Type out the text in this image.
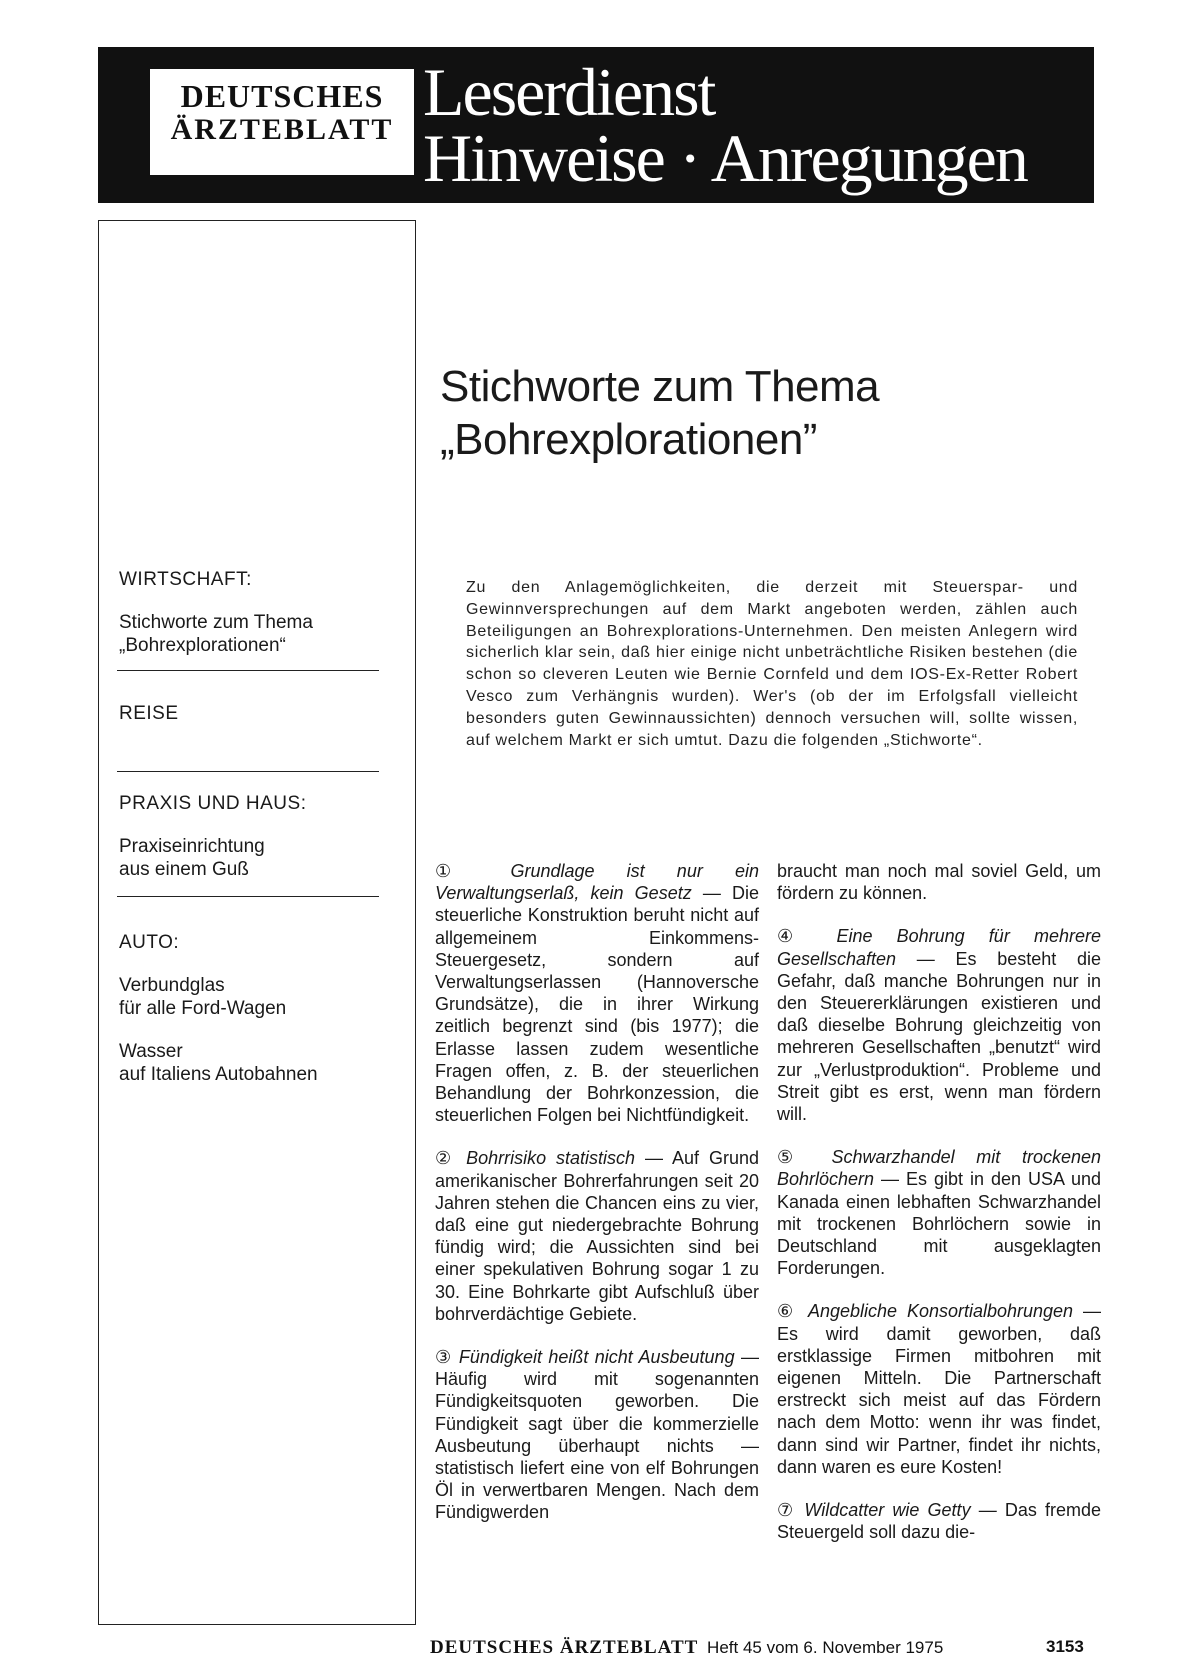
DEUTSCHES
ÄRZTEBLATT Leserdienst
Hinweise · Anregungen
WIRTSCHAFT:
Stichworte zum Thema
„Bohrexplorationen“
REISE
PRAXIS UND HAUS:
Praxiseinrichtung
aus einem Guß
AUTO:
Verbundglas
für alle Ford-Wagen
Wasser
auf Italiens Autobahnen
Stichworte zum Thema
„Bohrexplorationen”
Zu den Anlagemöglichkeiten, die derzeit mit Steuerspar- und Gewinnversprechungen auf dem Markt angeboten werden, zählen auch Beteiligungen an Bohrexplorations-Unternehmen. Den meisten Anlegern wird sicherlich klar sein, daß hier einige nicht unbeträchtliche Risiken bestehen (die schon so cleveren Leuten wie Bernie Cornfeld und dem IOS-Ex-Retter Robert Vesco zum Verhängnis wurden). Wer's (ob der im Erfolgsfall vielleicht besonders guten Gewinnaussichten) dennoch versuchen will, sollte wissen, auf welchem Markt er sich umtut. Dazu die folgenden „Stichworte“.

① Grundlage ist nur ein Verwaltungserlaß, kein Gesetz — Die steuerliche Konstruktion beruht nicht auf allgemeinem Einkommens-Steuergesetz, sondern auf Verwaltungserlassen (Hannoversche Grundsätze), die in ihrer Wirkung zeitlich begrenzt sind (bis 1977); die Erlasse lassen zudem wesentliche Fragen offen, z. B. der steuerlichen Behandlung der Bohrkonzession, die steuerlichen Folgen bei Nichtfündigkeit.

② Bohrrisiko statistisch — Auf Grund amerikanischer Bohrerfahrungen seit 20 Jahren stehen die Chancen eins zu vier, daß eine gut niedergebrachte Bohrung fündig wird; die Aussichten sind bei einer spekulativen Bohrung sogar 1 zu 30. Eine Bohrkarte gibt Aufschluß über bohrverdächtige Gebiete.

③ Fündigkeit heißt nicht Ausbeutung — Häufig wird mit sogenannten Fündigkeitsquoten geworben. Die Fündigkeit sagt über die kommerzielle Ausbeutung überhaupt nichts — statistisch liefert eine von elf Bohrungen Öl in verwertbaren Mengen. Nach dem Fündigwerden

braucht man noch mal soviel Geld, um fördern zu können.

④ Eine Bohrung für mehrere Gesellschaften — Es besteht die Gefahr, daß manche Bohrungen nur in den Steuererklärungen existieren und daß dieselbe Bohrung gleichzeitig von mehreren Gesellschaften „benutzt“ wird zur „Verlustproduktion“. Probleme und Streit gibt es erst, wenn man fördern will.

⑤ Schwarzhandel mit trockenen Bohrlöchern — Es gibt in den USA und Kanada einen lebhaften Schwarzhandel mit trockenen Bohrlöchern sowie in Deutschland mit ausgeklagten Forderungen.

⑥ Angebliche Konsortialbohrungen — Es wird damit geworben, daß erstklassige Firmen mitbohren mit eigenen Mitteln. Die Partnerschaft erstreckt sich meist auf das Fördern nach dem Motto: wenn ihr was findet, dann sind wir Partner, findet ihr nichts, dann waren es eure Kosten!

⑦ Wildcatter wie Getty — Das fremde Steuergeld soll dazu die-

DEUTSCHES ÄRZTEBLATT Heft 45 vom 6. November 1975	3153
